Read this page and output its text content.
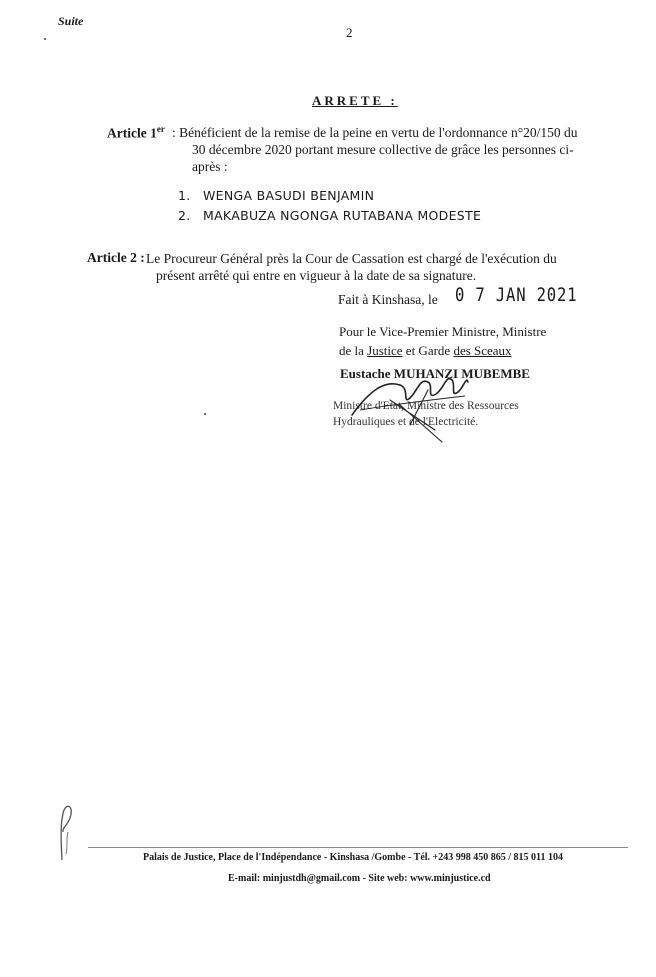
Suite
2
ARRETE :
Article 1er : Bénéficient de la remise de la peine en vertu de l'ordonnance n°20/150 du

30 décembre 2020 portant mesure collective de grâce les personnes ci-
après :
1. WENGA BASUDI BENJAMIN
2. MAKABUZA NGONGA RUTABANA MODESTE
Article 2 : Le Procureur Général près la Cour de Cassation est chargé de l'exécution du

présent arrêté qui entre en vigueur à la date de sa signature.
Fait à Kinshasa, le 0 7 JAN 2021
Pour le Vice-Premier Ministre, Ministre
de la Justice et Garde des Sceaux
Eustache MUHANZI MUBEMBE
Ministre d'Etat, Ministre des Ressources
Hydrauliques et de l'Electricité.
Palais de Justice, Place de l'Indépendance - Kinshasa /Gombe - Tél. +243 998 450 865 / 815 011 104
E-mail: minjustdh@gmail.com - Site web: www.minjustice.cd
